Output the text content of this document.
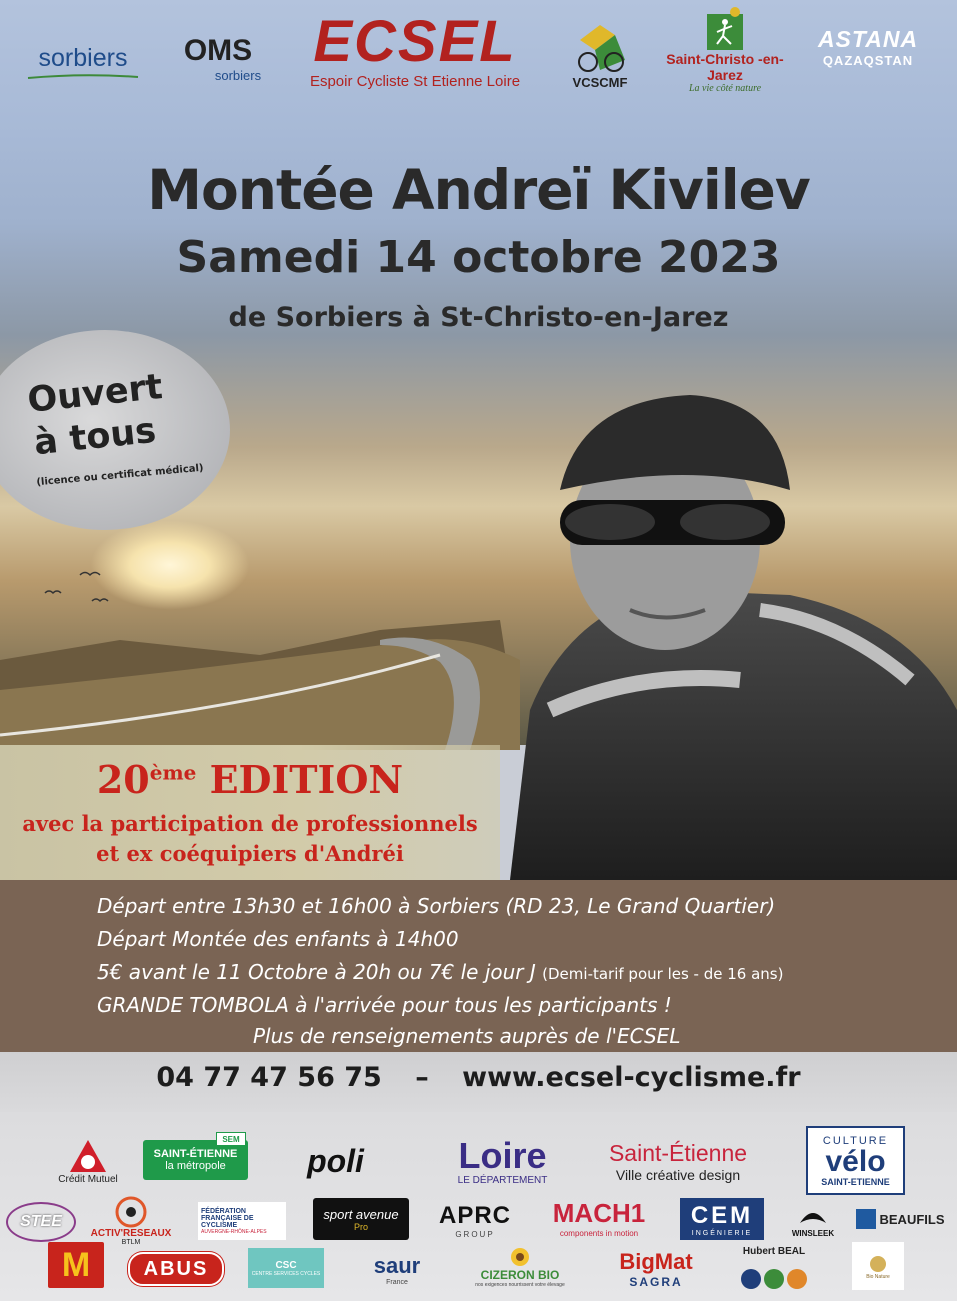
sorbiers OMS
sorbiers
ECSEL
Espoir Cycliste St Etienne Loire	VCSCMF
Saint-Christo -en-Jarez
La vie côté nature
ASTANA
QAZAQSTAN
Montée Andreï Kivilev
Samedi 14 octobre 2023
de Sorbiers à St-Christo-en-Jarez
Ouvert
à tous
(licence ou certificat médical)
20ème EDITION
avec la participation de professionnels
et ex coéquipiers d'Andréi
Départ entre 13h30 et 16h00 à Sorbiers (RD 23, Le Grand Quartier)
Départ Montée des enfants à 14h00
5€ avant le 11 Octobre à 20h ou 7€ le jour J (Demi-tarif pour les - de 16 ans)
GRANDE TOMBOLA à l'arrivée pour tous les participants !
Plus de renseignements auprès de l'ECSEL
04 77 47 56 75 – www.ecsel-cyclisme.fr
Crédit Mutuel
SAINT-ÉTIENNE
la métropole
SEM
poli	Loire
LE DÉPARTEMENT
Saint-Étienne
Ville créative design
CULTURE
vélo
SAINT-ETIENNE
STEE
ACTIV'RESEAUX
BTLM
FÉDÉRATION FRANÇAISE DE CYCLISME
AUVERGNE-RHÔNE-ALPES
sport avenue
Pro	APRC
GROUP
MACH1
components in motion
CEM
INGÉNIERIE	WINSLEEK
BEAUFILS
M	ABUS	CSC
CENTRE SERVICES CYCLES saur
France	CIZERON BIO
nos exigences nourrissent votre élevage
BigMat
SAGRA
Hubert BEAL
Bio Nature
